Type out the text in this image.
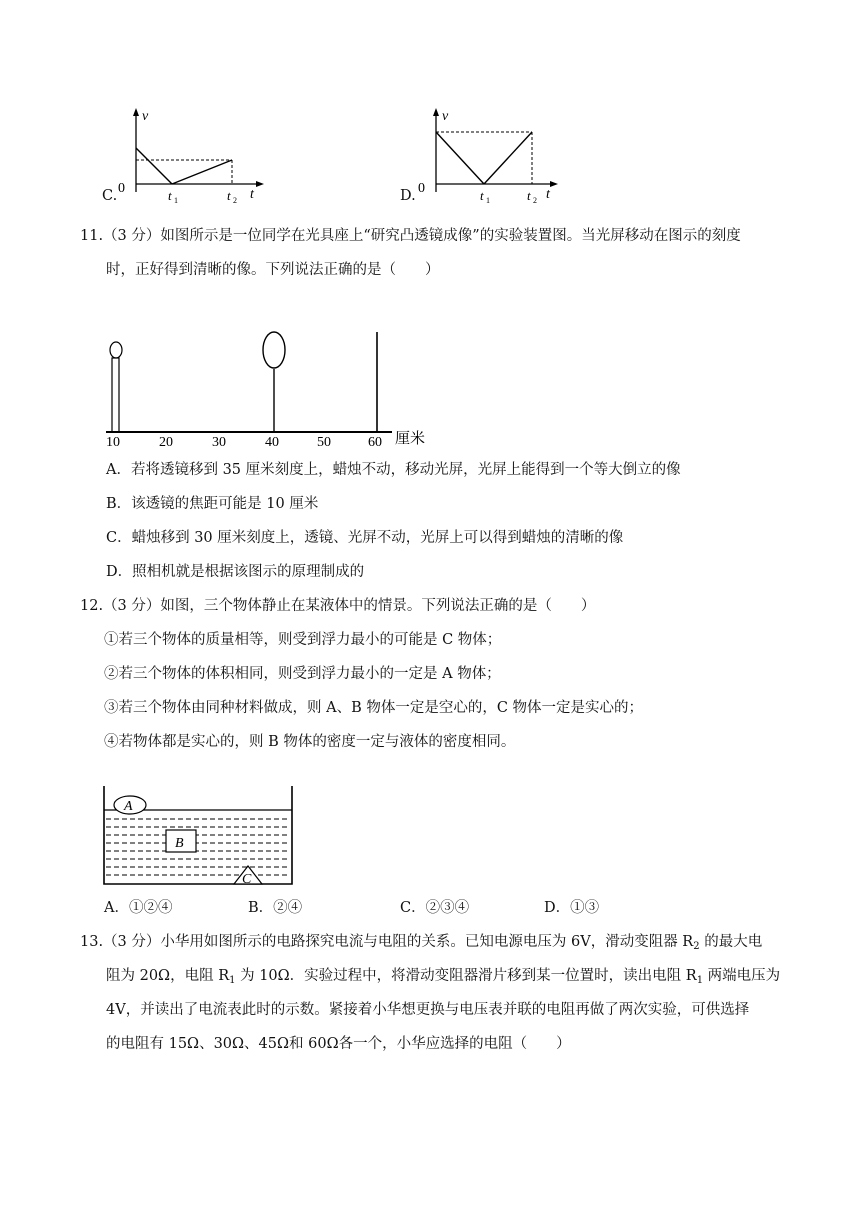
C.
v
0	t 1	t 2 t	D.
v
0	t 1	t 2 t
11.（3 分）如图所示是一位同学在光具座上“研究凸透镜成像”的实验装置图。当光屏移动在图示的刻度
时，正好得到清晰的像。下列说法正确的是（　　）
10	20	30	40	50	60 厘米
A．若将透镜移到 35 厘米刻度上，蜡烛不动，移动光屏，光屏上能得到一个等大倒立的像
B．该透镜的焦距可能是 10 厘米
C．蜡烛移到 30 厘米刻度上，透镜、光屏不动，光屏上可以得到蜡烛的清晰的像
D．照相机就是根据该图示的原理制成的
12.（3 分）如图，三个物体静止在某液体中的情景。下列说法正确的是（　　）
①若三个物体的质量相等，则受到浮力最小的可能是 C 物体；
②若三个物体的体积相同，则受到浮力最小的一定是 A 物体；
③若三个物体由同种材料做成，则 A、B 物体一定是空心的，C 物体一定是实心的；
④若物体都是实心的，则 B 物体的密度一定与液体的密度相同。
A
B
C
A．①②④	B．②④	C．②③④	D．①③
13.（3 分）小华用如图所示的电路探究电流与电阻的关系。已知电源电压为 6V，滑动变阻器 $R_2$ 的最大电
阻为 20Ω，电阻 $R_1$ 为 10Ω．实验过程中，将滑动变阻器滑片移到某一位置时，读出电阻 $R_1$ 两端电压为
4V，并读出了电流表此时的示数。紧接着小华想更换与电压表并联的电阻再做了两次实验，可供选择
的电阻有 15Ω、30Ω、45Ω和 60Ω各一个，小华应选择的电阻（　　）
